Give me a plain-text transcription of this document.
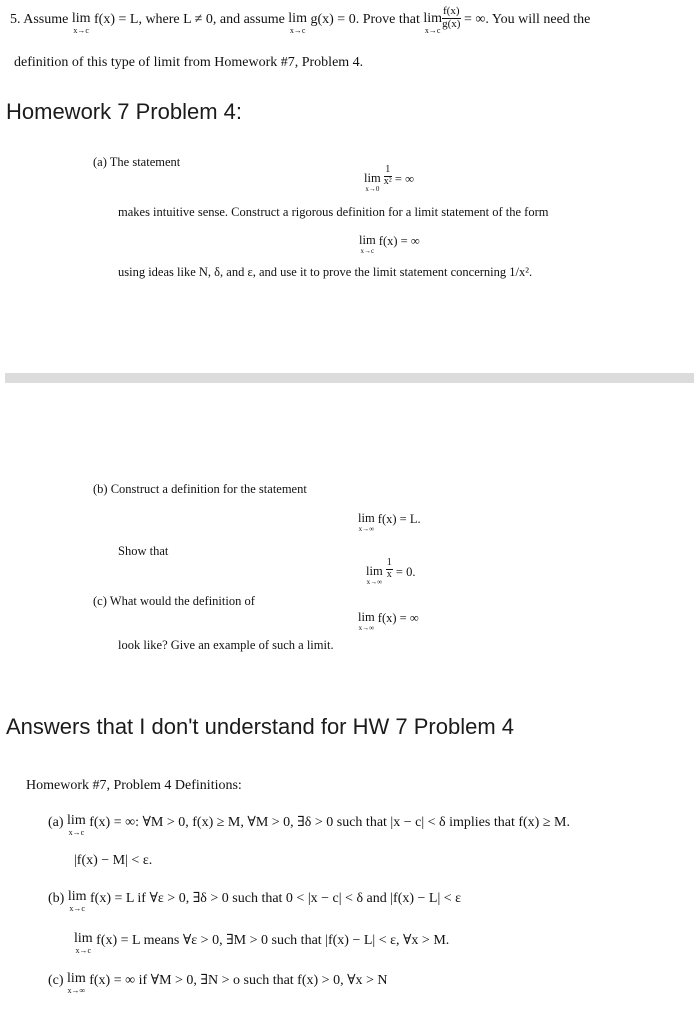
5. Assume lim
x→c
f(x) = L, where L ≠ 0, and assume lim
x→c
g(x) = 0. Prove that lim
x→c
$\frac{f(x)}{g(x)}$ = ∞. You will need the
definition of this type of limit from Homework #7, Problem 4.
Homework 7 Problem 4:
(a) The statement
lim
x→0

$\frac{1}{\text{x²}}$ = ∞
makes intuitive sense. Construct a rigorous definition for a limit statement of the form
lim
x→c
f(x) = ∞
using ideas like N, δ, and ε, and use it to prove the limit statement concerning 1/x².
(b) Construct a definition for the statement
lim
x→∞
f(x) = L.
Show that
lim
x→∞

$\frac{1}{x} = 0$.
(c) What would the definition of
lim
x→∞
f(x) = ∞
look like? Give an example of such a limit.
Answers that I don't understand for HW 7 Problem 4
Homework #7, Problem 4 Definitions:
(a) lim
x→c
f(x) = ∞: ∀M > 0, f(x) ≥ M, ∀M > 0, ∃δ > 0 such that |x − c| < δ implies that f(x) ≥ M.
|f(x) − M| < ε.
(b) lim
x→c
f(x) = L if ∀ε > 0, ∃δ > 0 such that 0 < |x − c| < δ and |f(x) − L| < ε
lim
x→c
f(x) = L means ∀ε > 0, ∃M > 0 such that |f(x) − L| < ε, ∀x > M.
(c) lim
x→∞
f(x) = ∞ if ∀M > 0, ∃N > o such that f(x) > 0, ∀x > N
